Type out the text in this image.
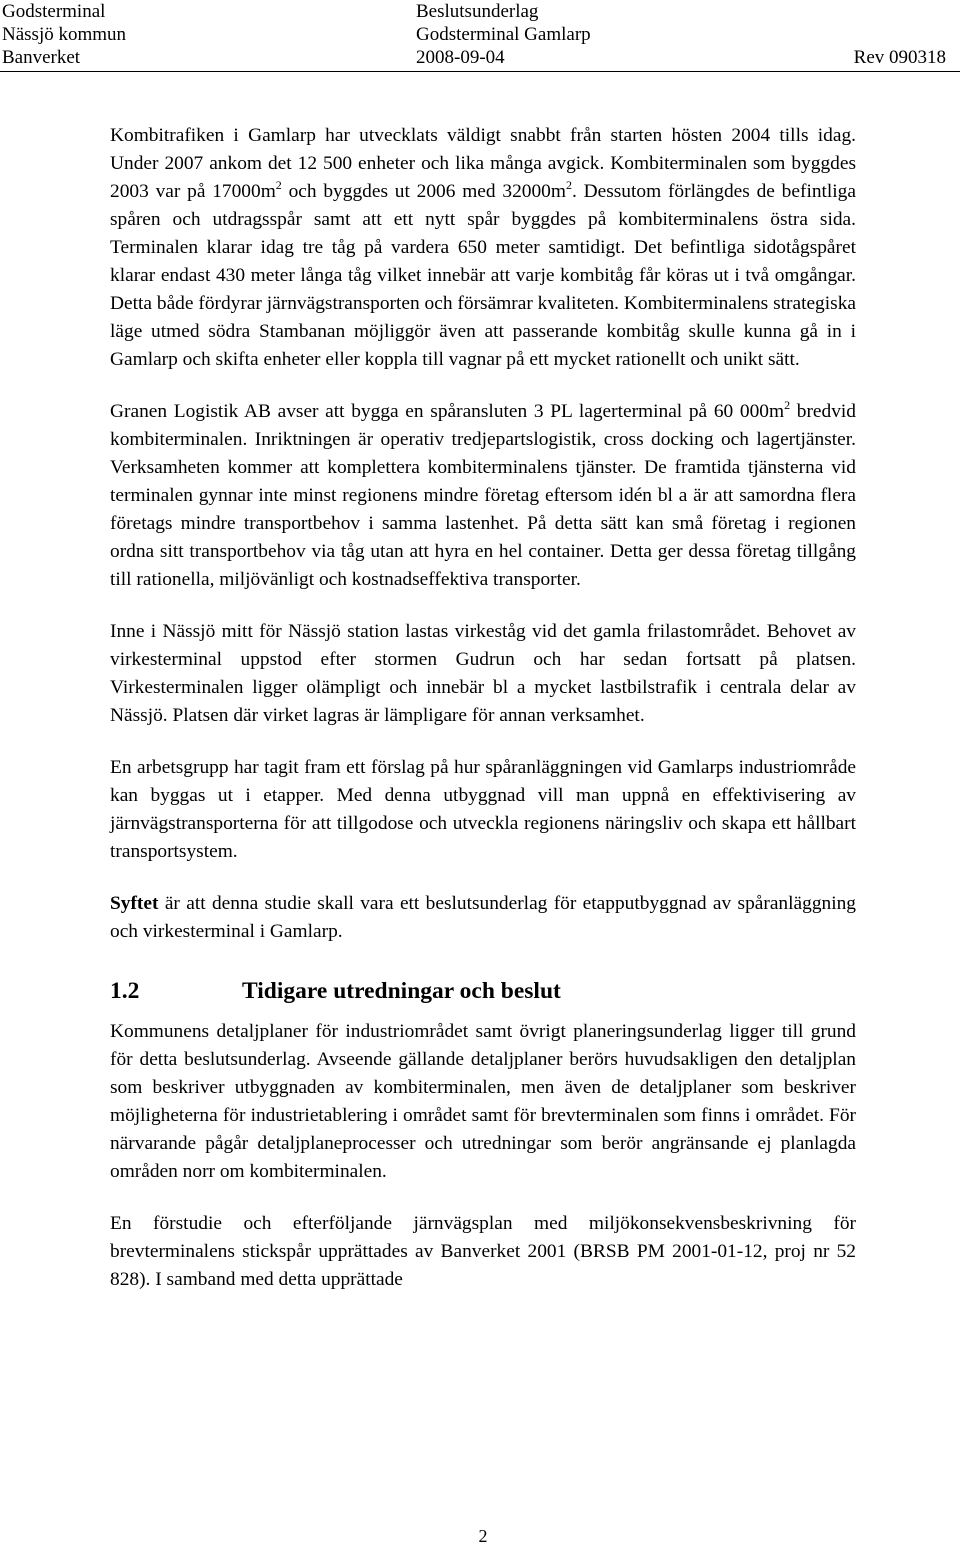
Godsterminal	Beslutsunderlag
Nässjö kommun	Godsterminal Gamlarp
Banverket	2008-09-04	Rev 090318

Kombitrafiken i Gamlarp har utvecklats väldigt snabbt från starten hösten 2004 tills idag. Under 2007 ankom det 12 500 enheter och lika många avgick. Kombiterminalen som byggdes 2003 var på $17000m^2$ och byggdes ut 2006 med $32000m^2$. Dessutom förlängdes de befintliga spåren och utdragsspår samt att ett nytt spår byggdes på kombiterminalens östra sida. Terminalen klarar idag tre tåg på vardera 650 meter samtidigt. Det befintliga sidotågspåret klarar endast 430 meter långa tåg vilket innebär att varje kombitåg får köras ut i två omgångar. Detta både fördyrar järnvägstransporten och försämrar kvaliteten. Kombiterminalens strategiska läge utmed södra Stambanan möjliggör även att passerande kombitåg skulle kunna gå in i Gamlarp och skifta enheter eller koppla till vagnar på ett mycket rationellt och unikt sätt.

Granen Logistik AB avser att bygga en spåransluten 3 PL lagerterminal på 60 $000m^2$ bredvid kombiterminalen. Inriktningen är operativ tredjepartslogistik, cross docking och lagertjänster. Verksamheten kommer att komplettera kombiterminalens tjänster. De framtida tjänsterna vid terminalen gynnar inte minst regionens mindre företag eftersom idén bl a är att samordna flera företags mindre transportbehov i samma lastenhet. På detta sätt kan små företag i regionen ordna sitt transportbehov via tåg utan att hyra en hel container. Detta ger dessa företag tillgång till rationella, miljövänligt och kostnadseffektiva transporter.

Inne i Nässjö mitt för Nässjö station lastas virkeståg vid det gamla frilastområdet. Behovet av virkesterminal uppstod efter stormen Gudrun och har sedan fortsatt på platsen. Virkesterminalen ligger olämpligt och innebär bl a mycket lastbilstrafik i centrala delar av Nässjö. Platsen där virket lagras är lämpligare för annan verksamhet.

En arbetsgrupp har tagit fram ett förslag på hur spåranläggningen vid Gamlarps industriområde kan byggas ut i etapper. Med denna utbyggnad vill man uppnå en effektivisering av järnvägstransporterna för att tillgodose och utveckla regionens näringsliv och skapa ett hållbart transportsystem.

Syftet är att denna studie skall vara ett beslutsunderlag för etapputbyggnad av spåranläggning och virkesterminal i Gamlarp.

1.2	Tidigare utredningar och beslut

Kommunens detaljplaner för industriområdet samt övrigt planeringsunderlag ligger till grund för detta beslutsunderlag. Avseende gällande detaljplaner berörs huvudsakligen den detaljplan som beskriver utbyggnaden av kombiterminalen, men även de detaljplaner som beskriver möjligheterna för industrietablering i området samt för brevterminalen som finns i området. För närvarande pågår detaljplaneprocesser och utredningar som berör angränsande ej planlagda områden norr om kombiterminalen.

En förstudie och efterföljande järnvägsplan med miljökonsekvensbeskrivning för brevterminalens stickspår upprättades av Banverket 2001 (BRSB PM 2001-01-12, proj nr 52 828). I samband med detta upprättade

2
